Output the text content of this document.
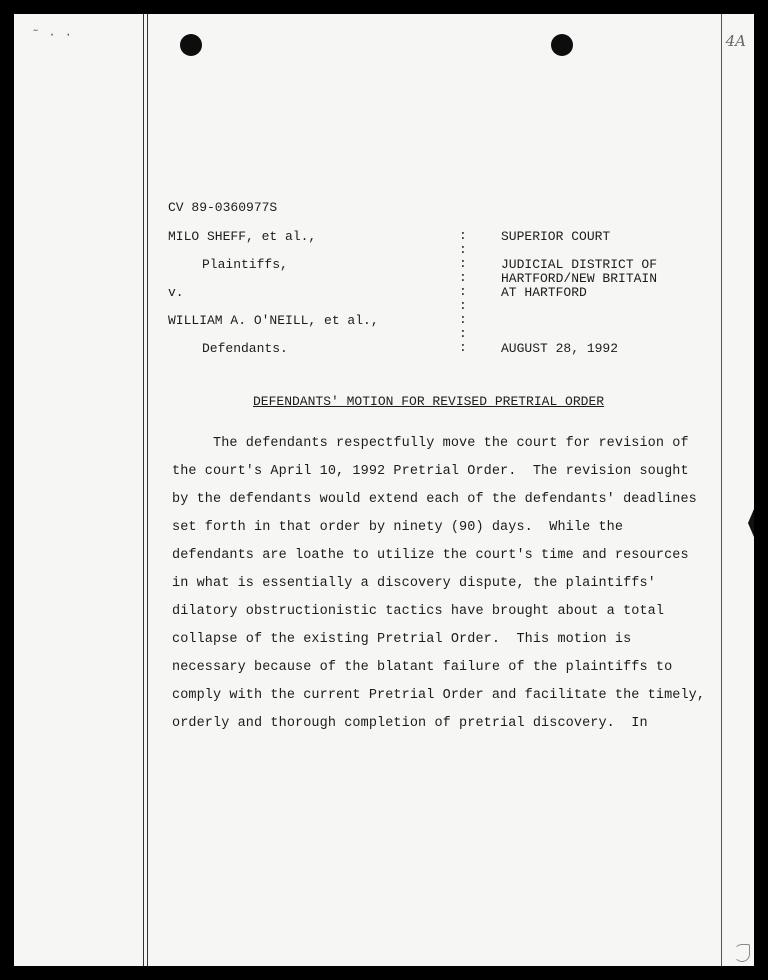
˜ · ·	4A
CV 89-0360977S
MILO SHEFF, et al.,
Plaintiffs,
v.
WILLIAM A. O'NEILL, et al.,
Defendants.
:
:
:
:
:
:
:
:
:
SUPERIOR COURT
JUDICIAL DISTRICT OF
HARTFORD/NEW BRITAIN
AT HARTFORD
AUGUST 28, 1992
DEFENDANTS' MOTION FOR REVISED PRETRIAL ORDER
The defendants respectfully move the court for revision of
the court's April 10, 1992 Pretrial Order.  The revision sought
by the defendants would extend each of the defendants' deadlines
set forth in that order by ninety (90) days.  While the
defendants are loathe to utilize the court's time and resources
in what is essentially a discovery dispute, the plaintiffs'
dilatory obstructionistic tactics have brought about a total
collapse of the existing Pretrial Order.  This motion is
necessary because of the blatant failure of the plaintiffs to
comply with the current Pretrial Order and facilitate the timely,
orderly and thorough completion of pretrial discovery.  In
